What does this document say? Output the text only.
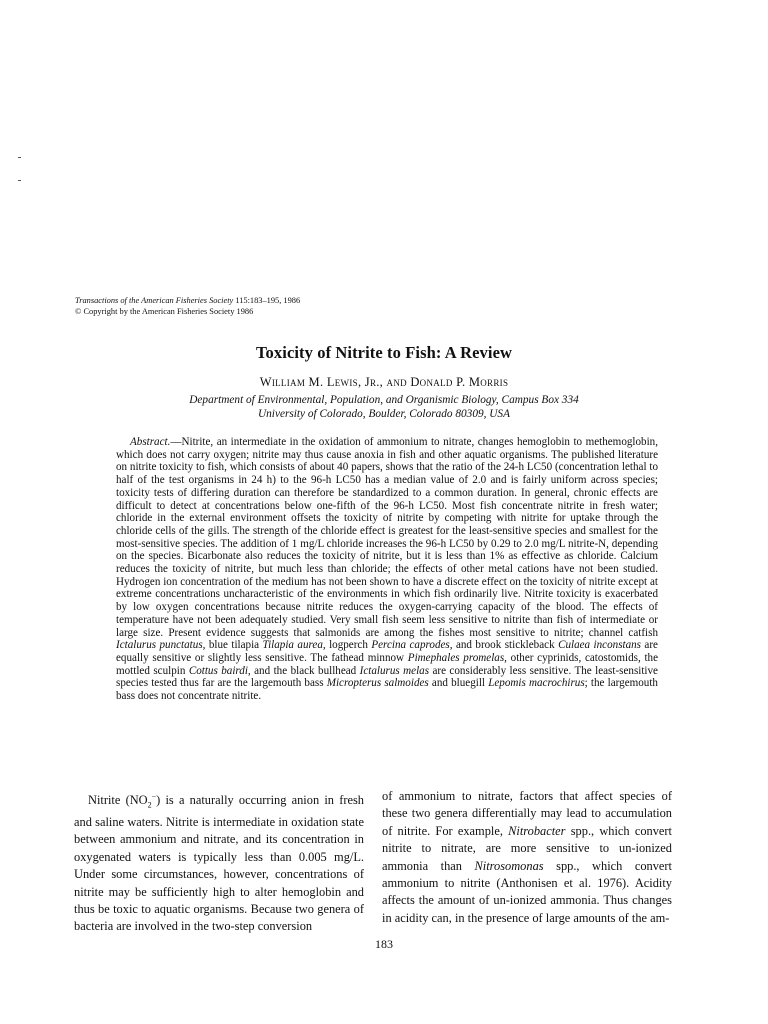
Transactions of the American Fisheries Society 115:183–195, 1986
© Copyright by the American Fisheries Society 1986
Toxicity of Nitrite to Fish: A Review
William M. Lewis, Jr., and Donald P. Morris
Department of Environmental, Population, and Organismic Biology, Campus Box 334
University of Colorado, Boulder, Colorado 80309, USA
Abstract.—Nitrite, an intermediate in the oxidation of ammonium to nitrate, changes hemoglobin to methemoglobin, which does not carry oxygen; nitrite may thus cause anoxia in fish and other aquatic organisms. The published literature on nitrite toxicity to fish, which consists of about 40 papers, shows that the ratio of the 24-h LC50 (concentration lethal to half of the test organisms in 24 h) to the 96-h LC50 has a median value of 2.0 and is fairly uniform across species; toxicity tests of differing duration can therefore be standardized to a common duration. In general, chronic effects are difficult to detect at concentrations below one-fifth of the 96-h LC50. Most fish concentrate nitrite in fresh water; chloride in the external environment offsets the toxicity of nitrite by competing with nitrite for uptake through the chloride cells of the gills. The strength of the chloride effect is greatest for the least-sensitive species and smallest for the most-sensitive species. The addition of 1 mg/L chloride increases the 96-h LC50 by 0.29 to 2.0 mg/L nitrite-N, depending on the species. Bicarbonate also reduces the toxicity of nitrite, but it is less than 1% as effective as chloride. Calcium reduces the toxicity of nitrite, but much less than chloride; the effects of other metal cations have not been studied. Hydrogen ion concentration of the medium has not been shown to have a discrete effect on the toxicity of nitrite except at extreme concentrations uncharacteristic of the environments in which fish ordinarily live. Nitrite toxicity is exacerbated by low oxygen concentrations because nitrite reduces the oxygen-carrying capacity of the blood. The effects of temperature have not been adequately studied. Very small fish seem less sensitive to nitrite than fish of intermediate or large size. Present evidence suggests that salmonids are among the fishes most sensitive to nitrite; channel catfish Ictalurus punctatus, blue tilapia Tilapia aurea, logperch Percina caprodes, and brook stickleback Culaea inconstans are equally sensitive or slightly less sensitive. The fathead minnow Pimephales promelas, other cyprinids, catostomids, the mottled sculpin Cottus bairdi, and the black bullhead Ictalurus melas are considerably less sensitive. The least-sensitive species tested thus far are the largemouth bass Micropterus salmoides and bluegill Lepomis macrochirus; the largemouth bass does not concentrate nitrite.
Nitrite $(NO_2^-)$ is a naturally occurring anion in fresh and saline waters. Nitrite is intermediate in oxidation state between ammonium and nitrate, and its concentration in oxygenated waters is typically less than 0.005 mg/L. Under some circumstances, however, concentrations of nitrite may be sufficiently high to alter hemoglobin and thus be toxic to aquatic organisms. Because two genera of bacteria are involved in the two-step conversion
of ammonium to nitrate, factors that affect species of these two genera differentially may lead to accumulation of nitrite. For example, Nitrobacter spp., which convert nitrite to nitrate, are more sensitive to un-ionized ammonia than Nitrosomonas spp., which convert ammonium to nitrite (Anthonisen et al. 1976). Acidity affects the amount of un-ionized ammonia. Thus changes in acidity can, in the presence of large amounts of the am-
183
